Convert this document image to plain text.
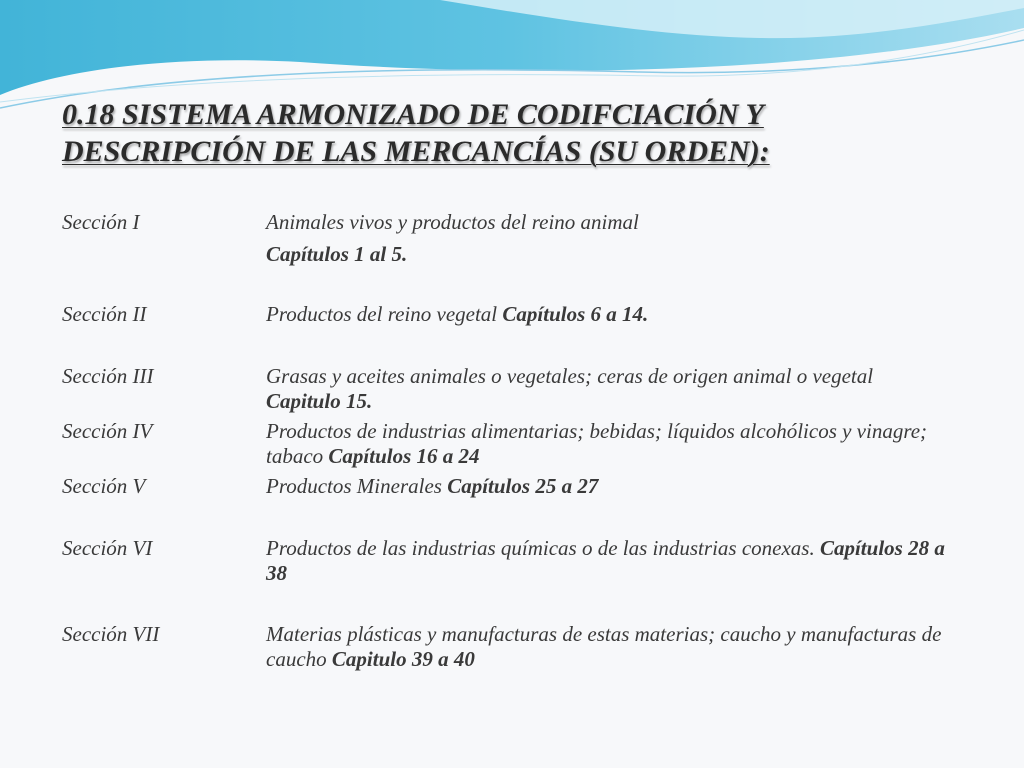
0.18 SISTEMA ARMONIZADO DE CODIFCIACIÓN Y
DESCRIPCIÓN DE LAS MERCANCÍAS (SU ORDEN):
Sección I	Animales vivos y productos del reino animal
Capítulos 1 al 5.
Sección II	Productos del reino vegetal Capítulos 6 a 14.
Sección III	Grasas y aceites animales o vegetales; ceras de origen animal o vegetal Capitulo 15.
Sección IV	Productos de industrias alimentarias; bebidas; líquidos alcohólicos y vinagre; tabaco Capítulos 16 a 24
Sección V	Productos Minerales Capítulos 25 a 27
Sección VI	Productos de las industrias químicas o de las industrias conexas. Capítulos 28 a 38
Sección VII	Materias plásticas y manufacturas de estas materias; caucho y manufacturas de caucho Capitulo 39 a 40
